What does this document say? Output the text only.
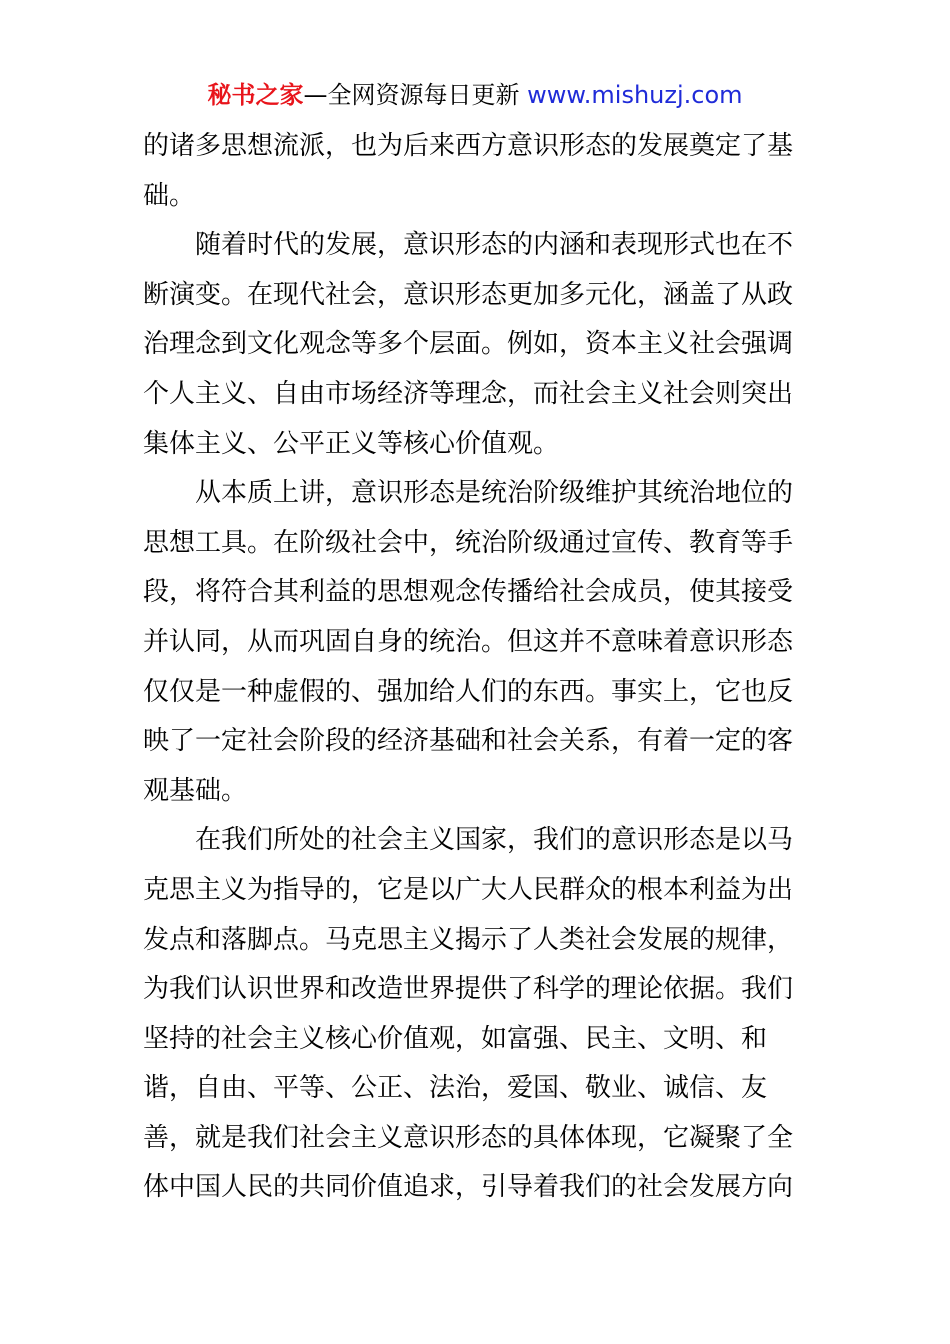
秘书之家—全网资源每日更新 www.mishuzj.com
的诸多思想流派，也为后来西方意识形态的发展奠定了基
础。
　　随着时代的发展，意识形态的内涵和表现形式也在不
断演变。在现代社会，意识形态更加多元化，涵盖了从政
治理念到文化观念等多个层面。例如，资本主义社会强调
个人主义、自由市场经济等理念，而社会主义社会则突出
集体主义、公平正义等核心价值观。
　　从本质上讲，意识形态是统治阶级维护其统治地位的
思想工具。在阶级社会中，统治阶级通过宣传、教育等手
段，将符合其利益的思想观念传播给社会成员，使其接受
并认同，从而巩固自身的统治。但这并不意味着意识形态
仅仅是一种虚假的、强加给人们的东西。事实上，它也反
映了一定社会阶段的经济基础和社会关系，有着一定的客
观基础。
　　在我们所处的社会主义国家，我们的意识形态是以马
克思主义为指导的，它是以广大人民群众的根本利益为出
发点和落脚点。马克思主义揭示了人类社会发展的规律，
为我们认识世界和改造世界提供了科学的理论依据。我们
坚持的社会主义核心价值观，如富强、民主、文明、和
谐，自由、平等、公正、法治，爱国、敬业、诚信、友
善，就是我们社会主义意识形态的具体体现，它凝聚了全
体中国人民的共同价值追求，引导着我们的社会发展方向
